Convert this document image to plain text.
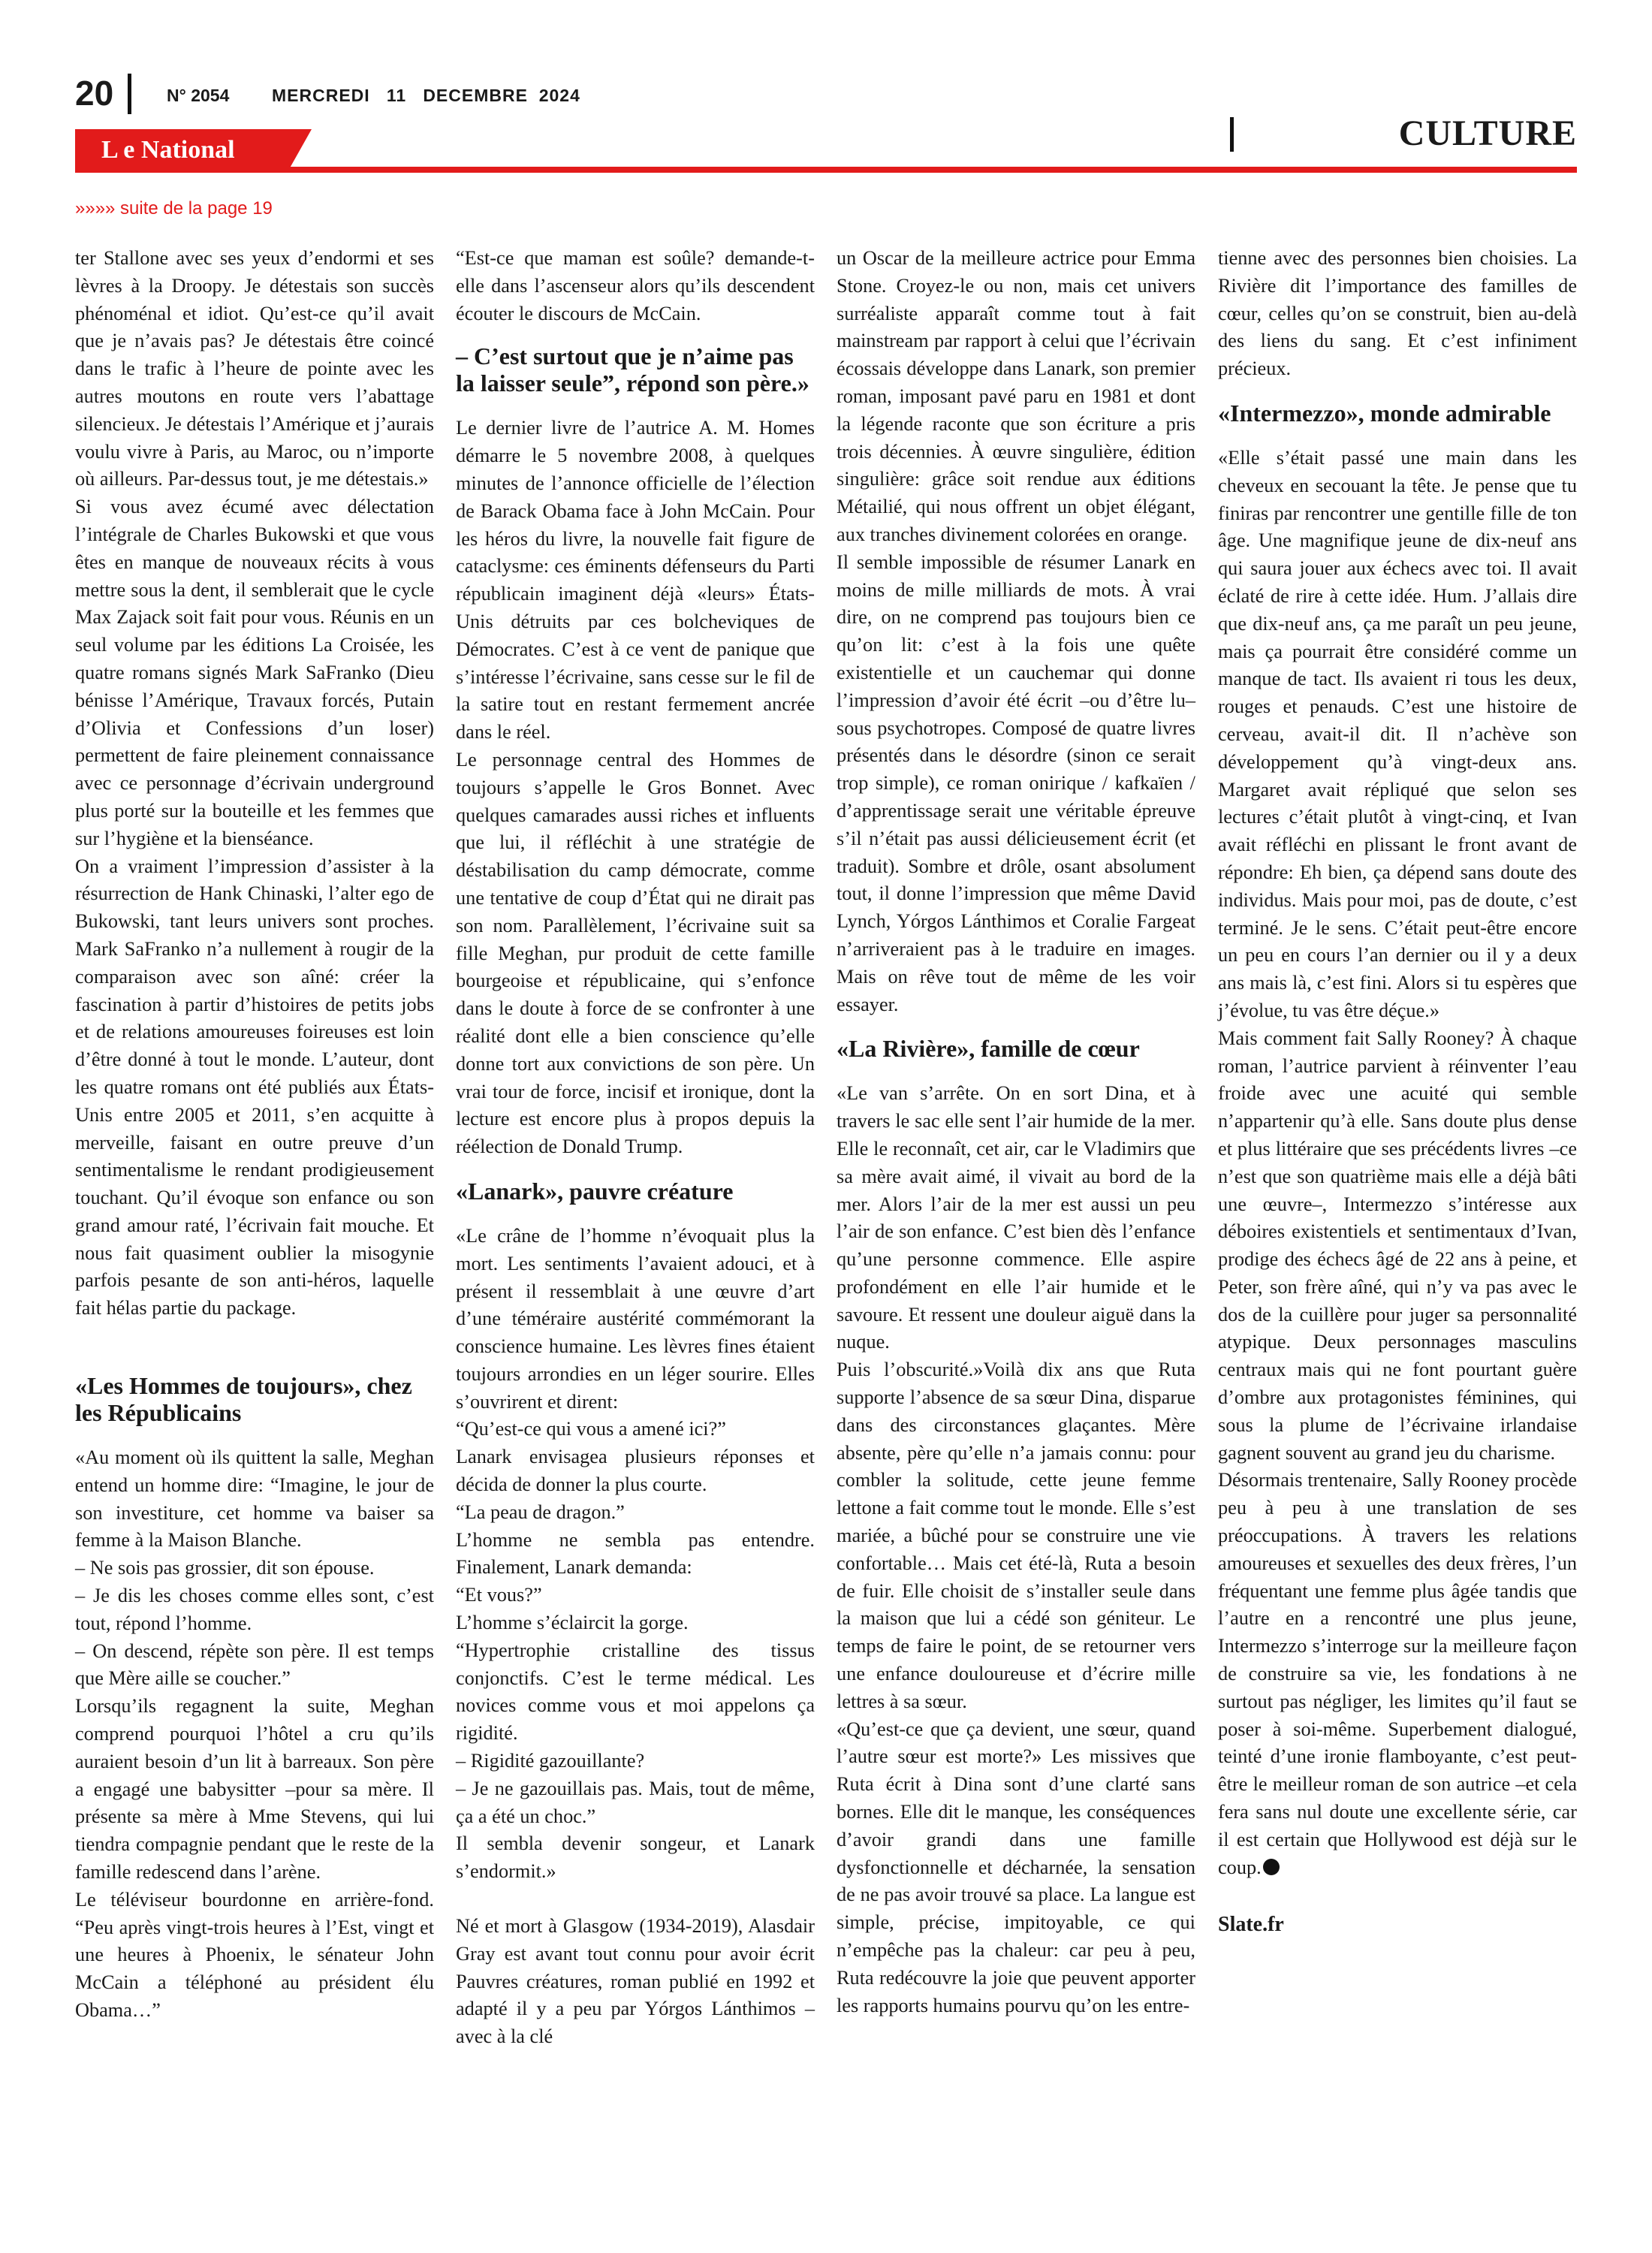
20	N° 2054 MERCREDI   11   DECEMBRE  2024
L e National	CULTURE
»»»» suite de la page 19

ter Stallone avec ses yeux d’endormi et ses lèvres à la Droopy. Je détestais son succès phénoménal et idiot. Qu’est-ce qu’il avait que je n’avais pas? Je détestais être coincé dans le trafic à l’heure de pointe avec les autres moutons en route vers l’abattage silencieux. Je détestais l’Amérique et j’aurais voulu vivre à Paris, au Maroc, ou n’importe où ailleurs. Par-dessus tout, je me détestais.»

Si vous avez écumé avec délectation l’intégrale de Charles Bukowski et que vous êtes en manque de nouveaux récits à vous mettre sous la dent, il semblerait que le cycle Max Zajack soit fait pour vous. Réunis en un seul volume par les éditions La Croisée, les quatre romans signés Mark SaFranko (Dieu bénisse l’Amérique, Travaux forcés, Putain d’Olivia et Confessions d’un loser) permettent de faire pleinement connaissance avec ce personnage d’écrivain underground plus porté sur la bouteille et les femmes que sur l’hygiène et la bienséance.

On a vraiment l’impression d’assister à la résurrection de Hank Chinaski, l’alter ego de Bukowski, tant leurs univers sont proches. Mark SaFranko n’a nullement à rougir de la comparaison avec son aîné: créer la fascination à partir d’histoires de petits jobs et de relations amoureuses foireuses est loin d’être donné à tout le monde. L’auteur, dont les quatre romans ont été publiés aux États-Unis entre 2005 et 2011, s’en acquitte à merveille, faisant en outre preuve d’un sentimentalisme le rendant prodigieusement touchant. Qu’il évoque son enfance ou son grand amour raté, l’écrivain fait mouche. Et nous fait quasiment oublier la misogynie parfois pesante de son anti-héros, laquelle fait hélas partie du package.

«Les Hommes de toujours», chez les Républicains

«Au moment où ils quittent la salle, Meghan entend un homme dire: “Imagine, le jour de son investiture, cet homme va baiser sa femme à la Maison Blanche.

– Ne sois pas grossier, dit son épouse.

– Je dis les choses comme elles sont, c’est tout, répond l’homme.

– On descend, répète son père. Il est temps que Mère aille se coucher.”

Lorsqu’ils regagnent la suite, Meghan comprend pourquoi l’hôtel a cru qu’ils auraient besoin d’un lit à barreaux. Son père a engagé une babysitter –pour sa mère. Il présente sa mère à Mme Stevens, qui lui tiendra compagnie pendant que le reste de la famille redescend dans l’arène.

Le téléviseur bourdonne en arrière-fond. “Peu après vingt-trois heures à l’Est, vingt et une heures à Phoenix, le sénateur John McCain a téléphoné au président élu Obama…”

“Est-ce que maman est soûle? demande-t-elle dans l’ascenseur alors qu’ils descendent écouter le discours de McCain.

– C’est surtout que je n’aime pas la laisser seule”, répond son père.»

Le dernier livre de l’autrice A. M. Homes démarre le 5 novembre 2008, à quelques minutes de l’annonce officielle de l’élection de Barack Obama face à John McCain. Pour les héros du livre, la nouvelle fait figure de cataclysme: ces éminents défenseurs du Parti républicain imaginent déjà «leurs» États-Unis détruits par ces bolcheviques de Démocrates. C’est à ce vent de panique que s’intéresse l’écrivaine, sans cesse sur le fil de la satire tout en restant fermement ancrée dans le réel.

Le personnage central des Hommes de toujours s’appelle le Gros Bonnet. Avec quelques camarades aussi riches et influents que lui, il réfléchit à une stratégie de déstabilisation du camp démocrate, comme une tentative de coup d’État qui ne dirait pas son nom. Parallèlement, l’écrivaine suit sa fille Meghan, pur produit de cette famille bourgeoise et républicaine, qui s’enfonce dans le doute à force de se confronter à une réalité dont elle a bien conscience qu’elle donne tort aux convictions de son père. Un vrai tour de force, incisif et ironique, dont la lecture est encore plus à propos depuis la réélection de Donald Trump.

«Lanark», pauvre créature

«Le crâne de l’homme n’évoquait plus la mort. Les sentiments l’avaient adouci, et à présent il ressemblait à une œuvre d’art d’une téméraire austérité commémorant la conscience humaine. Les lèvres fines étaient toujours arrondies en un léger sourire. Elles s’ouvrirent et dirent:

“Qu’est-ce qui vous a amené ici?”

Lanark envisagea plusieurs réponses et décida de donner la plus courte.

“La peau de dragon.”

L’homme ne sembla pas entendre. Finalement, Lanark demanda:

“Et vous?”

L’homme s’éclaircit la gorge.

“Hypertrophie cristalline des tissus conjonctifs. C’est le terme médical. Les novices comme vous et moi appelons ça rigidité.

– Rigidité gazouillante?

– Je ne gazouillais pas. Mais, tout de même, ça a été un choc.”

Il sembla devenir songeur, et Lanark s’endormit.»

Né et mort à Glasgow (1934-2019), Alasdair Gray est avant tout connu pour avoir écrit Pauvres créatures, roman publié en 1992 et adapté il y a peu par Yórgos Lánthimos –avec à la clé

un Oscar de la meilleure actrice pour Emma Stone. Croyez-le ou non, mais cet univers surréaliste apparaît comme tout à fait mainstream par rapport à celui que l’écrivain écossais développe dans Lanark, son premier roman, imposant pavé paru en 1981 et dont la légende raconte que son écriture a pris trois décennies. À œuvre singulière, édition singulière: grâce soit rendue aux éditions Métailié, qui nous offrent un objet élégant, aux tranches divinement colorées en orange.

Il semble impossible de résumer Lanark en moins de mille milliards de mots. À vrai dire, on ne comprend pas toujours bien ce qu’on lit: c’est à la fois une quête existentielle et un cauchemar qui donne l’impression d’avoir été écrit –ou d’être lu– sous psychotropes. Composé de quatre livres présentés dans le désordre (sinon ce serait trop simple), ce roman onirique / kafkaïen / d’apprentissage serait une véritable épreuve s’il n’était pas aussi délicieusement écrit (et traduit). Sombre et drôle, osant absolument tout, il donne l’impression que même David Lynch, Yórgos Lánthimos et Coralie Fargeat n’arriveraient pas à le traduire en images. Mais on rêve tout de même de les voir essayer.

«La Rivière», famille de cœur

«Le van s’arrête. On en sort Dina, et à travers le sac elle sent l’air humide de la mer. Elle le reconnaît, cet air, car le Vladimirs que sa mère avait aimé, il vivait au bord de la mer. Alors l’air de la mer est aussi un peu l’air de son enfance. C’est bien dès l’enfance qu’une personne commence. Elle aspire profondément en elle l’air humide et le savoure. Et ressent une douleur aiguë dans la nuque.

Puis l’obscurité.»Voilà dix ans que Ruta supporte l’absence de sa sœur Dina, disparue dans des circonstances glaçantes. Mère absente, père qu’elle n’a jamais connu: pour combler la solitude, cette jeune femme lettone a fait comme tout le monde. Elle s’est mariée, a bûché pour se construire une vie confortable… Mais cet été-là, Ruta a besoin de fuir. Elle choisit de s’installer seule dans la maison que lui a cédé son géniteur. Le temps de faire le point, de se retourner vers une enfance douloureuse et d’écrire mille lettres à sa sœur.

«Qu’est-ce que ça devient, une sœur, quand l’autre sœur est morte?» Les missives que Ruta écrit à Dina sont d’une clarté sans bornes. Elle dit le manque, les conséquences d’avoir grandi dans une famille dysfonctionnelle et décharnée, la sensation de ne pas avoir trouvé sa place. La langue est simple, précise, impitoyable, ce qui n’empêche pas la chaleur: car peu à peu, Ruta redécouvre la joie que peuvent apporter les rapports humains pourvu qu’on les entre-

tienne avec des personnes bien choisies. La Rivière dit l’importance des familles de cœur, celles qu’on se construit, bien au-delà des liens du sang. Et c’est infiniment précieux.

«Intermezzo», monde admirable

«Elle s’était passé une main dans les cheveux en secouant la tête. Je pense que tu finiras par rencontrer une gentille fille de ton âge. Une magnifique jeune de dix-neuf ans qui saura jouer aux échecs avec toi. Il avait éclaté de rire à cette idée. Hum. J’allais dire que dix-neuf ans, ça me paraît un peu jeune, mais ça pourrait être considéré comme un manque de tact. Ils avaient ri tous les deux, rouges et penauds. C’est une histoire de cerveau, avait-il dit. Il n’achève son développement qu’à vingt-deux ans. Margaret avait répliqué que selon ses lectures c’était plutôt à vingt-cinq, et Ivan avait réfléchi en plissant le front avant de répondre: Eh bien, ça dépend sans doute des individus. Mais pour moi, pas de doute, c’est terminé. Je le sens. C’était peut-être encore un peu en cours l’an dernier ou il y a deux ans mais là, c’est fini. Alors si tu espères que j’évolue, tu vas être déçue.»

Mais comment fait Sally Rooney? À chaque roman, l’autrice parvient à réinventer l’eau froide avec une acuité qui semble n’appartenir qu’à elle. Sans doute plus dense et plus littéraire que ses précédents livres –ce n’est que son quatrième mais elle a déjà bâti une œuvre–, Intermezzo s’intéresse aux déboires existentiels et sentimentaux d’Ivan, prodige des échecs âgé de 22 ans à peine, et Peter, son frère aîné, qui n’y va pas avec le dos de la cuillère pour juger sa personnalité atypique. Deux personnages masculins centraux mais qui ne font pourtant guère d’ombre aux protagonistes féminines, qui sous la plume de l’écrivaine irlandaise gagnent souvent au grand jeu du charisme.

Désormais trentenaire, Sally Rooney procède peu à peu à une translation de ses préoccupations. À travers les relations amoureuses et sexuelles des deux frères, l’un fréquentant une femme plus âgée tandis que l’autre en a rencontré une plus jeune, Intermezzo s’interroge sur la meilleure façon de construire sa vie, les fondations à ne surtout pas négliger, les limites qu’il faut se poser à soi-même. Superbement dialogué, teinté d’une ironie flamboyante, c’est peut-être le meilleur roman de son autrice –et cela fera sans nul doute une excellente série, car il est certain que Hollywood est déjà sur le coup.

Slate.fr
